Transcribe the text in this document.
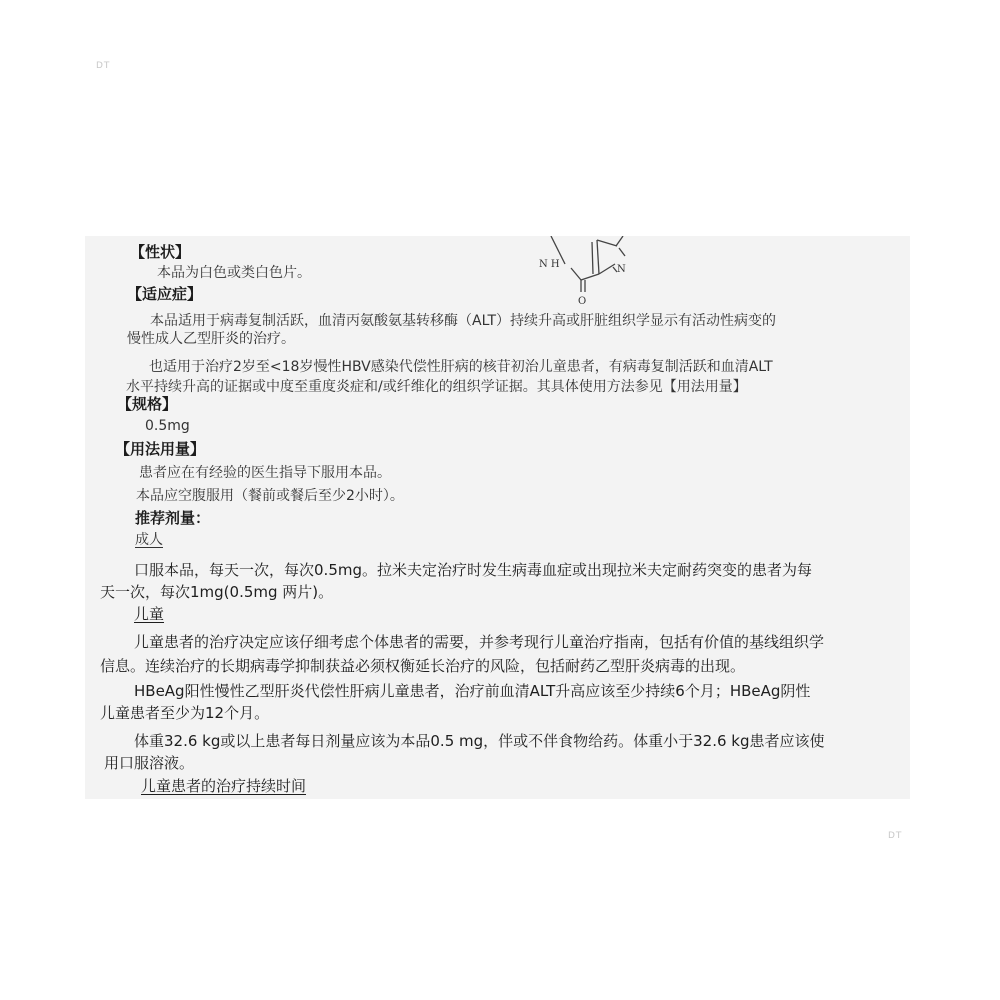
DT
DT
N H	N
O
【性状】
本品为白色或类白色片。
【适应症】
本品适用于病毒复制活跃，血清丙氨酸氨基转移酶（ALT）持续升高或肝脏组织学显示有活动性病变的
慢性成人乙型肝炎的治疗。
也适用于治疗2岁至<18岁慢性HBV感染代偿性肝病的核苷初治儿童患者，有病毒复制活跃和血清ALT
水平持续升高的证据或中度至重度炎症和/或纤维化的组织学证据。其具体使用方法参见【用法用量】
【规格】
0.5mg
【用法用量】
患者应在有经验的医生指导下服用本品。
本品应空腹服用（餐前或餐后至少2小时）。
推荐剂量：
成人
口服本品，每天一次，每次0.5mg。拉米夫定治疗时发生病毒血症或出现拉米夫定耐药突变的患者为每
天一次，每次1mg(0.5mg 两片)。
儿童
儿童患者的治疗决定应该仔细考虑个体患者的需要，并参考现行儿童治疗指南，包括有价值的基线组织学
信息。连续治疗的长期病毒学抑制获益必须权衡延长治疗的风险，包括耐药乙型肝炎病毒的出现。
HBeAg阳性慢性乙型肝炎代偿性肝病儿童患者，治疗前血清ALT升高应该至少持续6个月；HBeAg阴性
儿童患者至少为12个月。
体重32.6 kg或以上患者每日剂量应该为本品0.5 mg，伴或不伴食物给药。体重小于32.6 kg患者应该使
用口服溶液。
儿童患者的治疗持续时间
